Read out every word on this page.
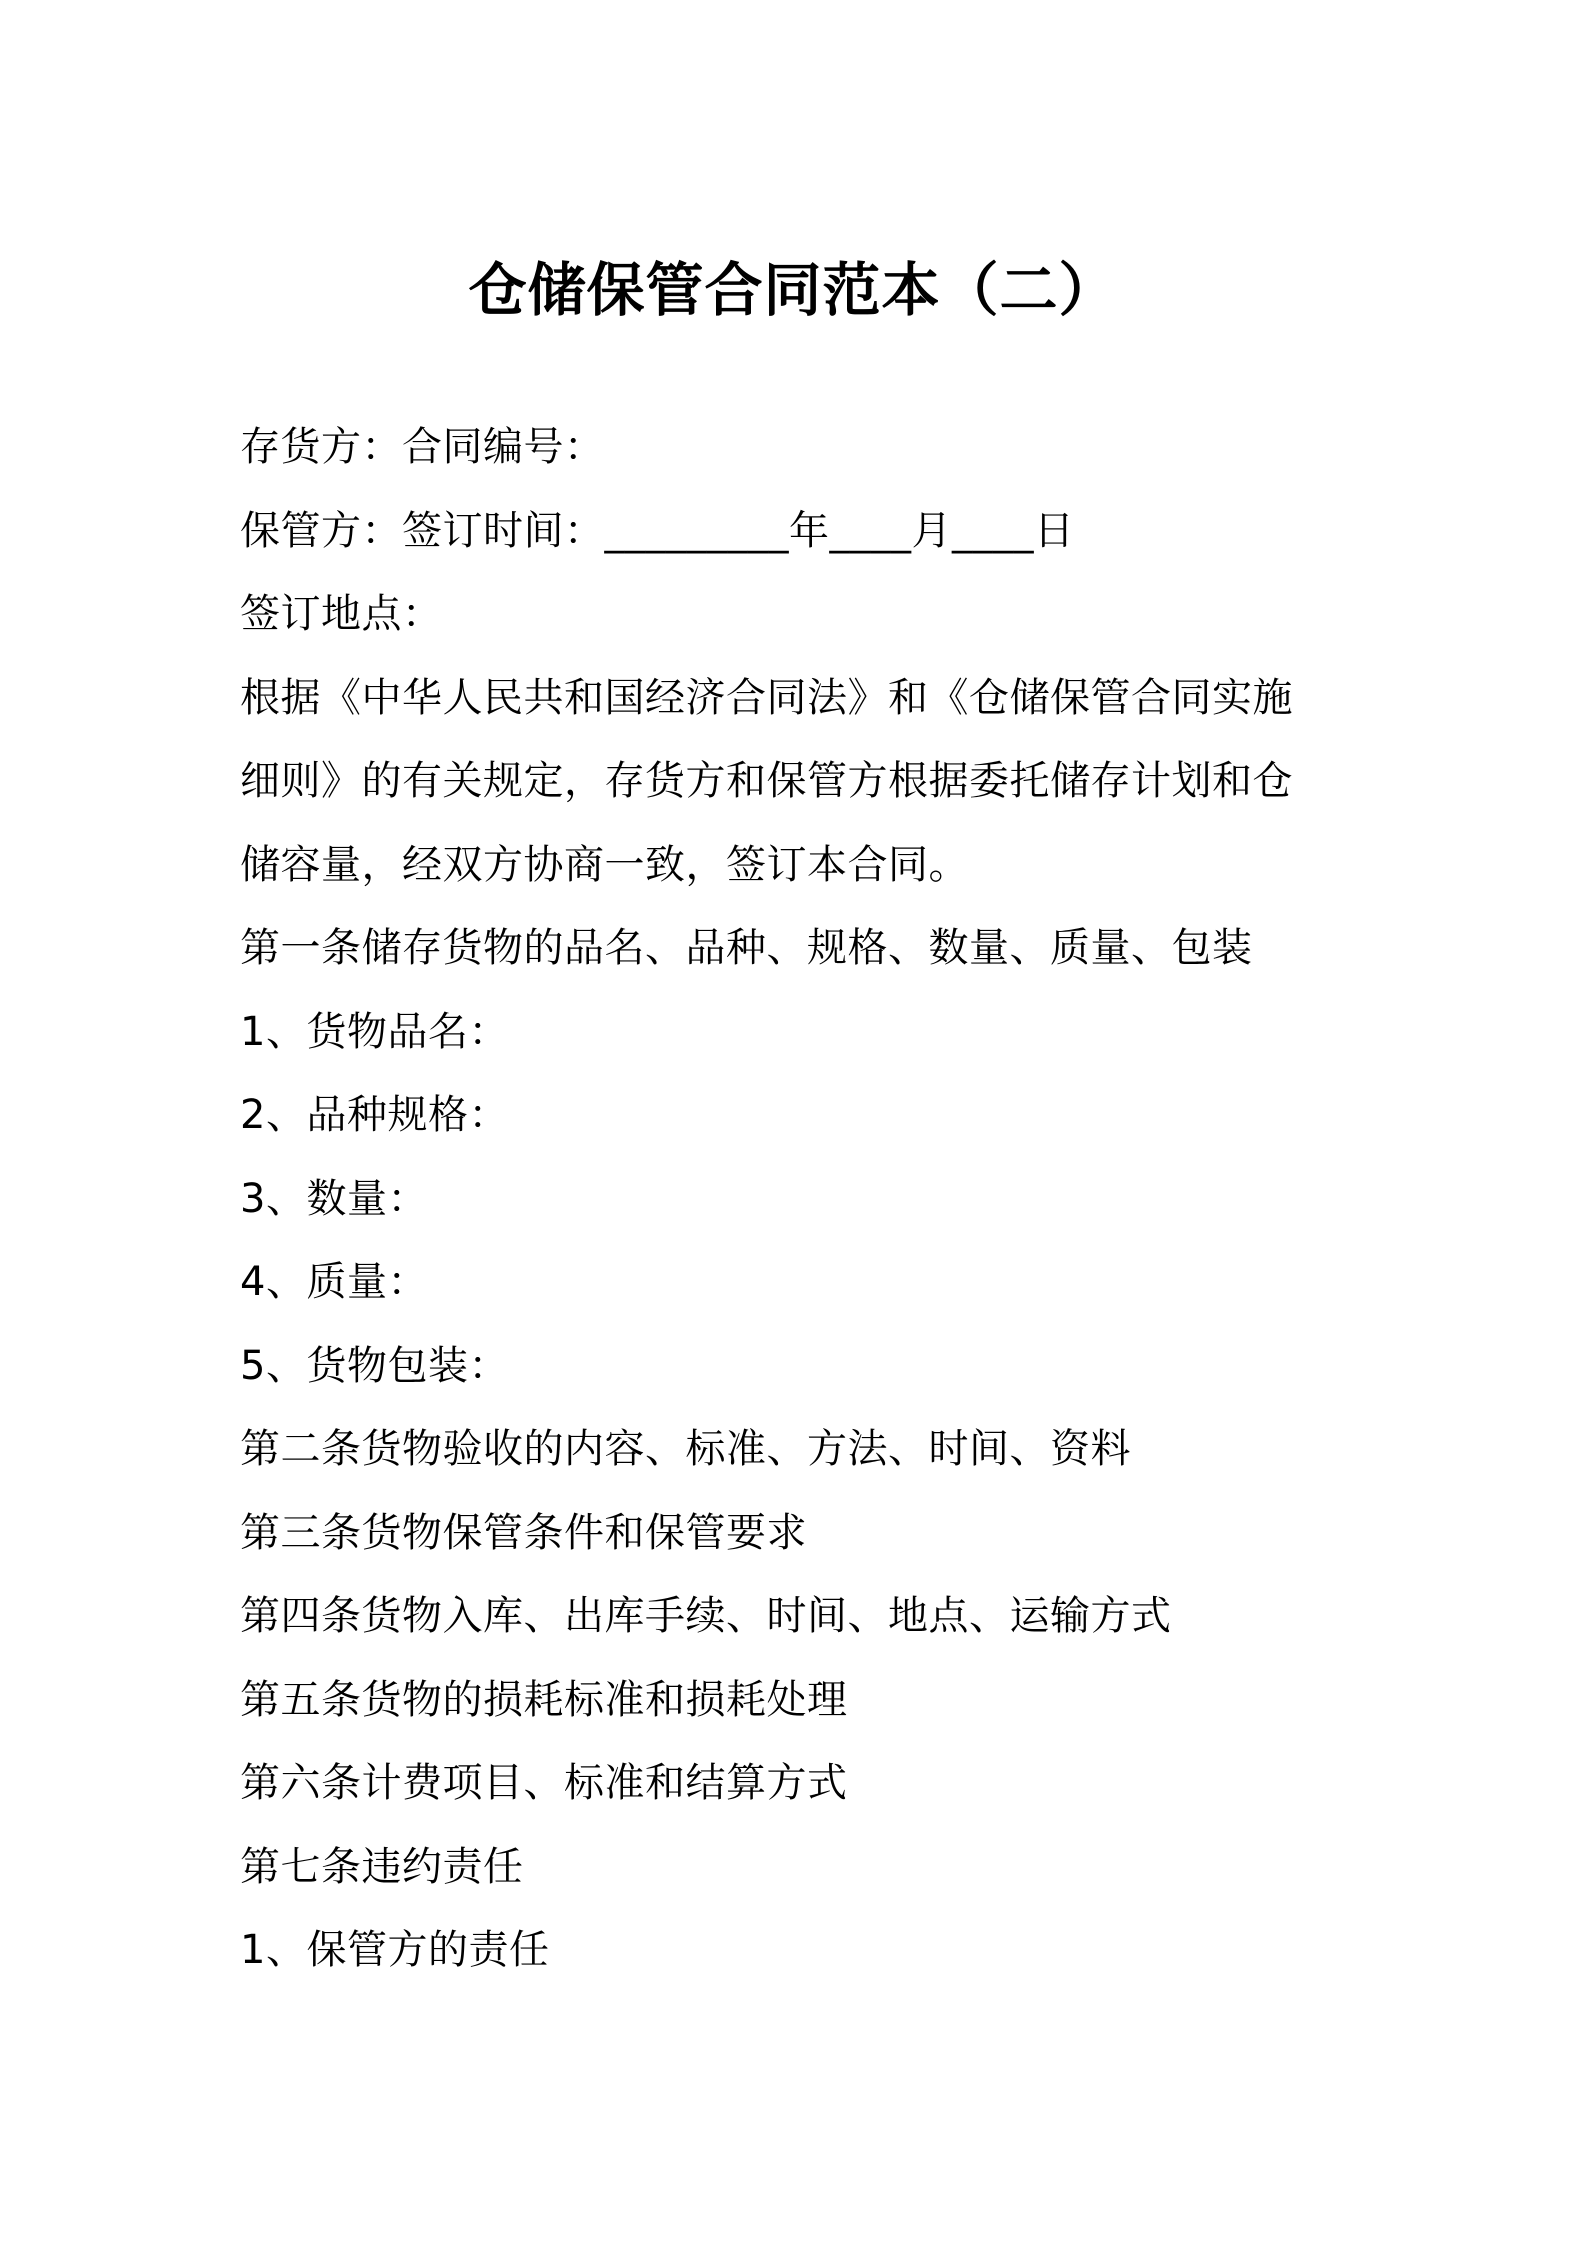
仓储保管合同范本（二）

存货方：合同编号：

保管方：签订时间：_________年____月____日

签订地点：

根据《中华人民共和国经济合同法》和《仓储保管合同实施

细则》的有关规定，存货方和保管方根据委托储存计划和仓

储容量，经双方协商一致，签订本合同。

第一条储存货物的品名、品种、规格、数量、质量、包装

1、货物品名：

2、品种规格：

3、数量：

4、质量：

5、货物包装：

第二条货物验收的内容、标准、方法、时间、资料

第三条货物保管条件和保管要求

第四条货物入库、出库手续、时间、地点、运输方式

第五条货物的损耗标准和损耗处理

第六条计费项目、标准和结算方式

第七条违约责任

1、保管方的责任
